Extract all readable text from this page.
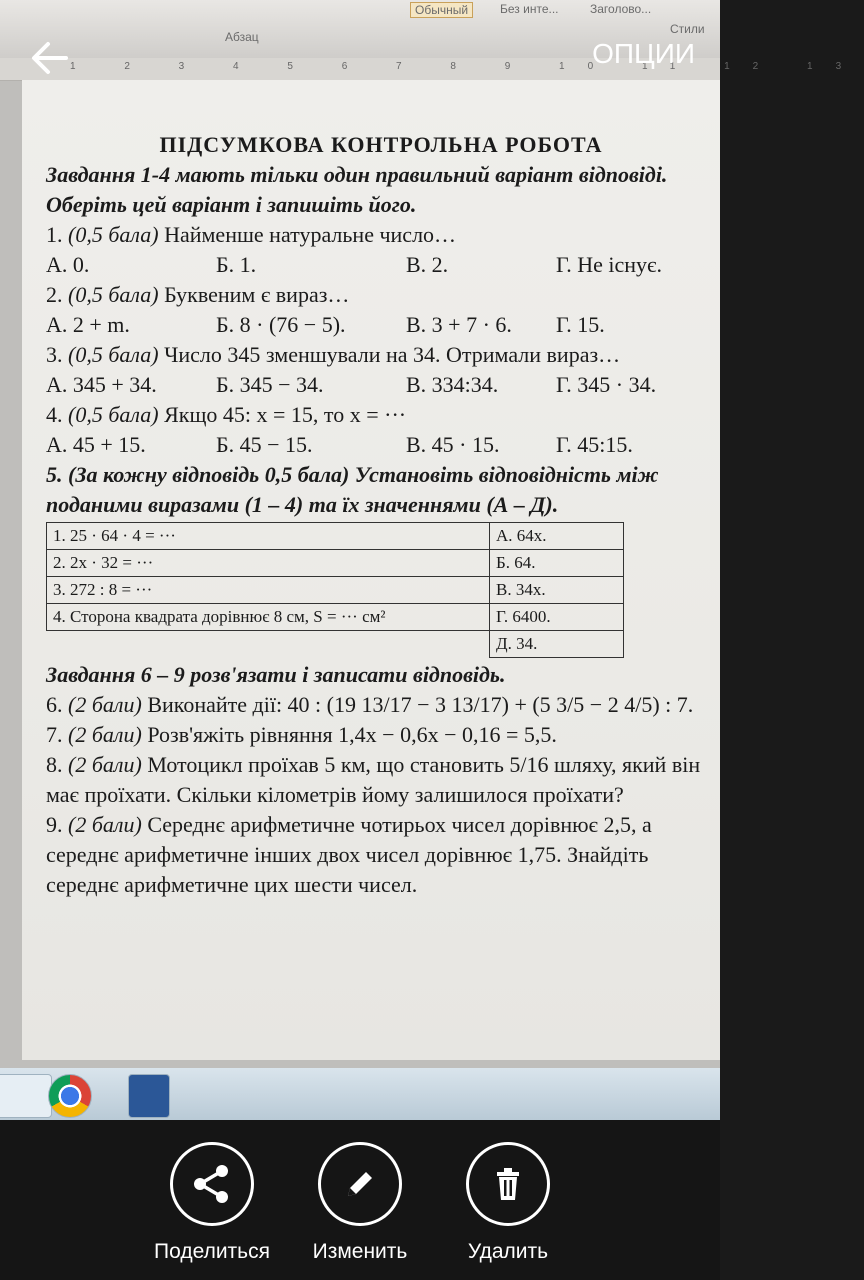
Абзац
Обычный	Без инте...	Заголово...
Стили
1 2 3 4 5 6 7 8 9 10 11 12 13
ПІДСУМКОВА КОНТРОЛЬНА РОБОТА
Завдання 1-4 мають тільки один правильний варіант відповіді. Оберіть цей варіант і запишіть його.
1. (0,5 бала) Найменше натуральне число…
А. 0.	Б. 1.	В. 2.	Г. Не існує.
2. (0,5 бала) Буквеним є вираз…
А. 2 + m.	Б. 8 · (76 − 5).	В. 3 + 7 · 6.	Г. 15.
3. (0,5 бала) Число 345 зменшували на 34. Отримали вираз…
А. 345 + 34.	Б. 345 − 34.	В. 334:34.	Г. 345 · 34.
4. (0,5 бала) Якщо 45: x = 15, то x = ···
А. 45 + 15.	Б. 45 − 15.	В. 45 · 15.	Г. 45:15.
5. (За кожну відповідь 0,5 бала) Установіть відповідність між поданими виразами (1 – 4) та їх значеннями (А – Д).
1. 25 · 64 · 4 = ···	А. 64x.
2. 2x · 32 = ···	Б. 64.
3. 272 : 8 = ···	В. 34x.
4. Сторона квадрата дорівнює 8 см, S = ··· см²	Г. 6400.
	Д. 34.
Завдання 6 – 9 розв'язати і записати відповідь.
6. (2 бали) Виконайте дії: 40 : (19 13/17 − 3 13/17) + (5 3/5 − 2 4/5) : 7.
7. (2 бали) Розв'яжіть рівняння 1,4x − 0,6x − 0,16 = 5,5.
8. (2 бали) Мотоцикл проїхав 5 км, що становить 5/16 шляху, який він має проїхати. Скільки кілометрів йому залишилося проїхати?
9. (2 бали) Середнє арифметичне чотирьох чисел дорівнює 2,5, а середнє арифметичне інших двох чисел дорівнює 1,75. Знайдіть середнє арифметичне цих шести чисел.
ОПЦИИ
Поделиться	Изменить	Удалить
